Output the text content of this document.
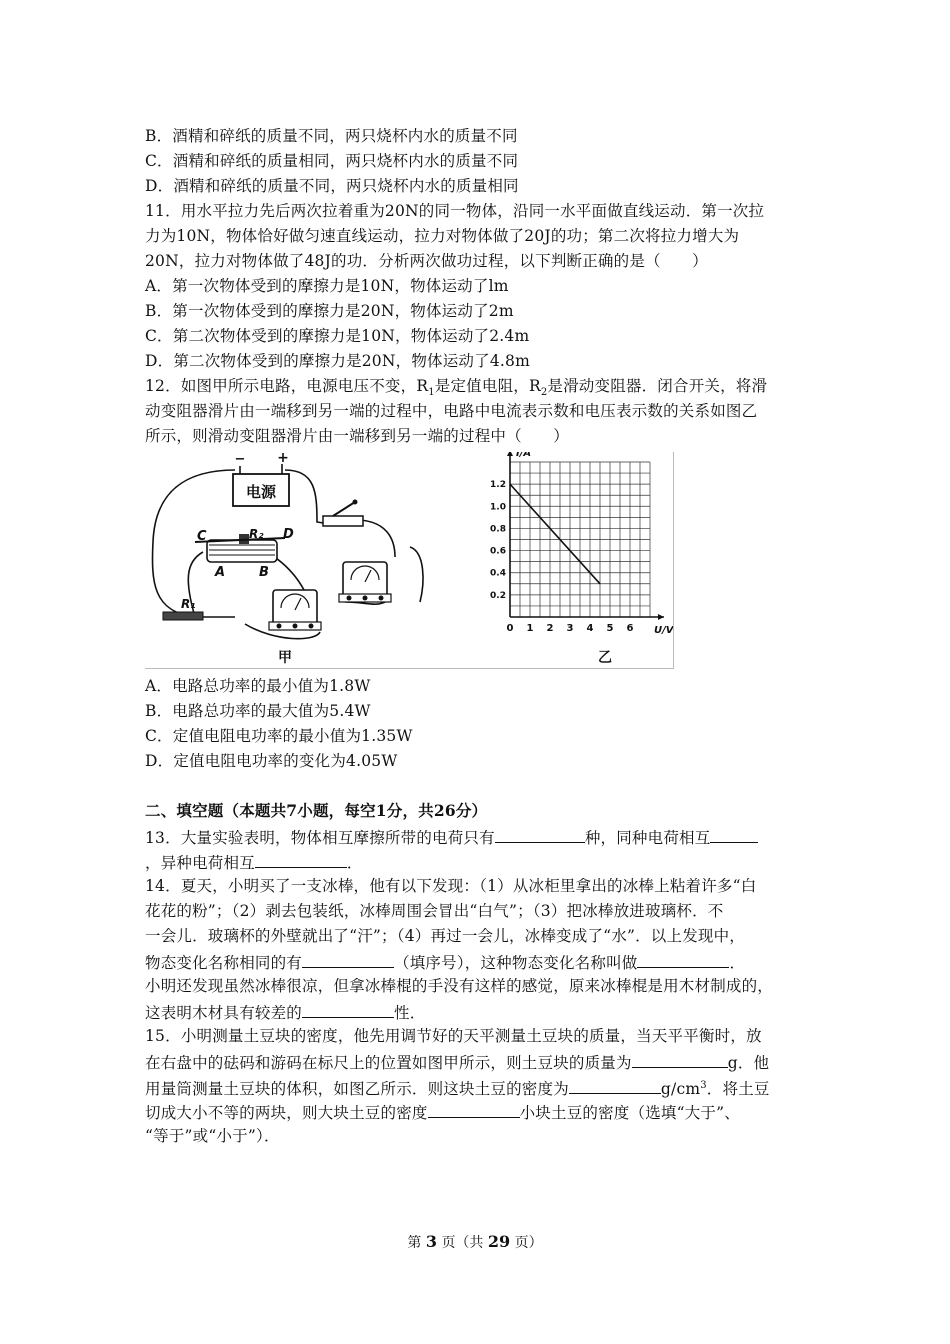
B．酒精和碎纸的质量不同，两只烧杯内水的质量不同
C．酒精和碎纸的质量相同，两只烧杯内水的质量不同
D．酒精和碎纸的质量不同，两只烧杯内水的质量相同
11．用水平拉力先后两次拉着重为20N的同一物体，沿同一水平面做直线运动．第一次拉
力为10N，物体恰好做匀速直线运动，拉力对物体做了20J的功；第二次将拉力增大为
20N，拉力对物体做了48J的功．分析两次做功过程，以下判断正确的是（　　）
A．第一次物体受到的摩擦力是10N，物体运动了lm
B．第一次物体受到的摩擦力是20N，物体运动了2m
C．第二次物体受到的摩擦力是10N，物体运动了2.4m
D．第二次物体受到的摩擦力是20N，物体运动了4.8m
12．如图甲所示电路，电源电压不变，$R_1$是定值电阻，$R_2$是滑动变阻器．闭合开关，将滑
动变阻器滑片由一端移到另一端的过程中，电路中电流表示数和电压表示数的关系如图乙
所示，则滑动变阻器滑片由一端移到另一端的过程中（　　）
电源
− +
C	D
A	B
R₂
R₁
甲
0 1 2 3 4 5 6
0.2
0.4
0.6
0.8
1.0
1.2
I/A
U/V
乙
A．电路总功率的最小值为1.8W
B．电路总功率的最大值为5.4W
C．定值电阻电功率的最小值为1.35W
D．定值电阻电功率的变化为4.05W
二、填空题（本题共7小题，每空1分，共26分）
13．大量实验表明，物体相互摩擦所带的电荷只有	种，同种电荷相互
，异种电荷相互	．
14．夏天，小明买了一支冰棒，他有以下发现：（1）从冰柜里拿出的冰棒上粘着许多“白
花花的粉”；（2）剥去包装纸，冰棒周围会冒出“白气”；（3）把冰棒放进玻璃杯．不
一会儿．玻璃杯的外壁就出了“汗”；（4）再过一会儿，冰棒变成了“水”．以上发现中，
物态变化名称相同的有	（填序号），这种物态变化名称叫做	．
小明还发现虽然冰棒很凉，但拿冰棒棍的手没有这样的感觉，原来冰棒棍是用木材制成的，
这表明木材具有较差的	性．
15．小明测量土豆块的密度，他先用调节好的天平测量土豆块的质量，当天平平衡时，放
在右盘中的砝码和游码在标尺上的位置如图甲所示，则土豆块的质量为	g．他
用量筒测量土豆块的体积，如图乙所示．则这块土豆的密度为	$g/cm^3$．将土豆
切成大小不等的两块，则大块土豆的密度	小块土豆的密度（选填“大于”、
“等于”或“小于”）．
第 3 页（共 29 页）
